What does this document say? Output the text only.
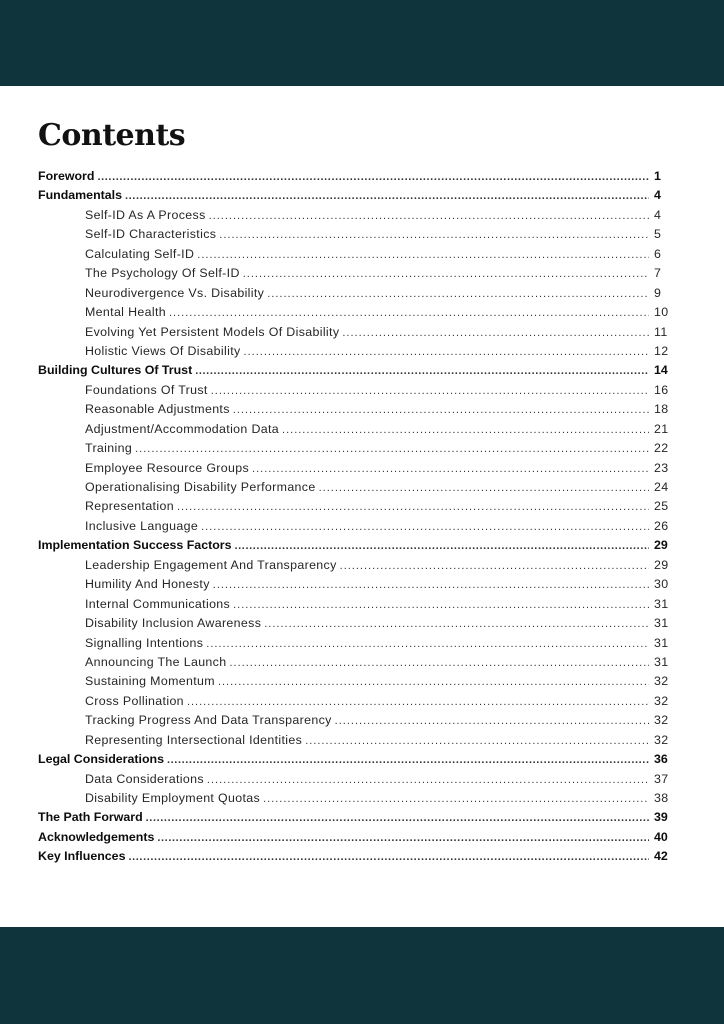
Contents
Foreword .....	1
Fundamentals .....	4
Self-ID As A Process .....	4
Self-ID Characteristics .....	5
Calculating Self-ID .....	6
The Psychology Of Self-ID .....	7
Neurodivergence Vs. Disability .....	9
Mental Health .....	10
Evolving Yet Persistent Models Of Disability .....	11
Holistic Views Of Disability .....	12
Building Cultures Of Trust .....	14
Foundations Of Trust .....	16
Reasonable Adjustments .....	18
Adjustment/Accommodation Data .....	21
Training .....	22
Employee Resource Groups .....	23
Operationalising Disability Performance .....	24
Representation .....	25
Inclusive Language .....	26
Implementation Success Factors .....	29
Leadership Engagement And Transparency .....	29
Humility And Honesty .....	30
Internal Communications .....	31
Disability Inclusion Awareness .....	31
Signalling Intentions .....	31
Announcing The Launch .....	31
Sustaining Momentum .....	32
Cross Pollination .....	32
Tracking Progress And Data Transparency .....	32
Representing Intersectional Identities .....	32
Legal Considerations .....	36
Data Considerations .....	37
Disability Employment Quotas .....	38
The Path Forward .....	39
Acknowledgements .....	40
Key Influences .....	42
